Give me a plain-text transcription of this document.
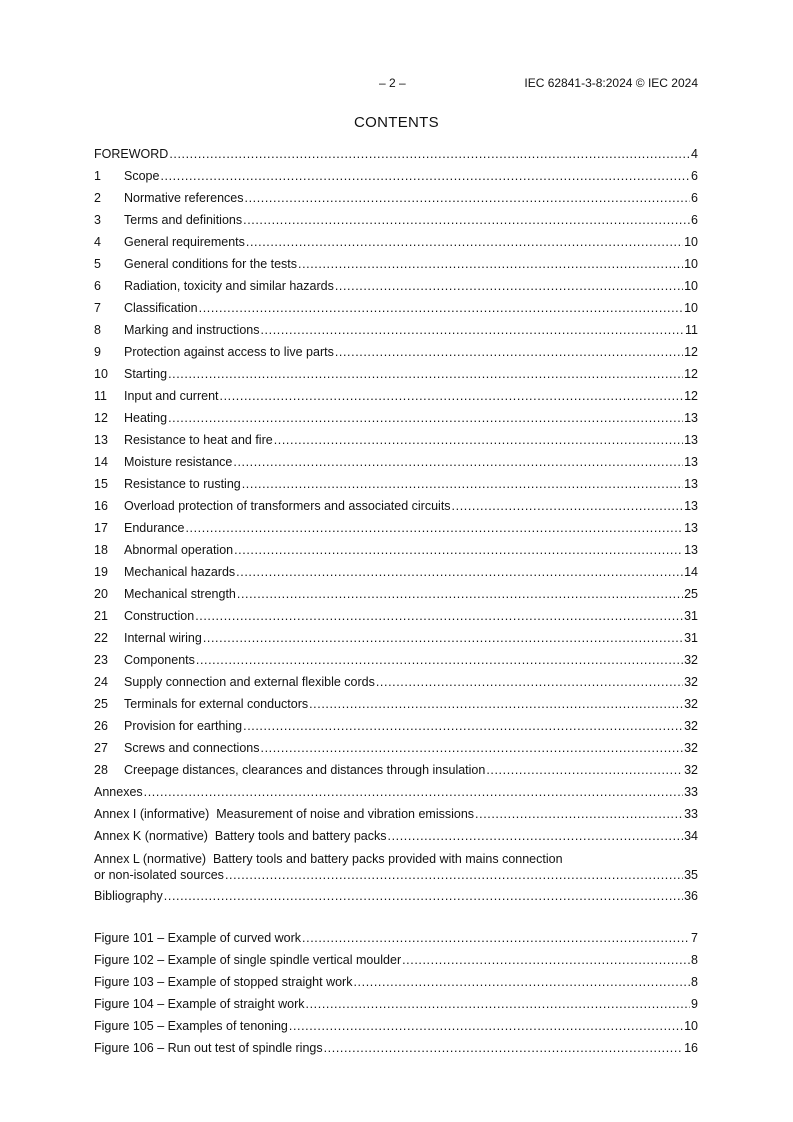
– 2 –	IEC 62841-3-8:2024 © IEC 2024
CONTENTS
FOREWORD .....	4
1	Scope .....	6
2	Normative references .....	6
3	Terms and definitions .....	6
4	General requirements .....	10
5	General conditions for the tests .....	10
6	Radiation, toxicity and similar hazards .....	10
7	Classification .....	10
8	Marking and instructions .....	11
9	Protection against access to live parts .....	12
10	Starting .....	12
11	Input and current .....	12
12	Heating .....	13
13	Resistance to heat and fire .....	13
14	Moisture resistance .....	13
15	Resistance to rusting .....	13
16	Overload protection of transformers and associated circuits .....	13
17	Endurance .....	13
18	Abnormal operation .....	13
19	Mechanical hazards .....	14
20	Mechanical strength .....	25
21	Construction .....	31
22	Internal wiring .....	31
23	Components .....	32
24	Supply connection and external flexible cords .....	32
25	Terminals for external conductors .....	32
26	Provision for earthing .....	32
27	Screws and connections .....	32
28	Creepage distances, clearances and distances through insulation .....	32
Annexes .....	33
Annex I (informative)  Measurement of noise and vibration emissions .....	33
Annex K (normative)  Battery tools and battery packs .....	34
Annex L (normative)  Battery tools and battery packs provided with mains connection
or non-isolated sources .....	35
Bibliography .....	36
Figure 101 – Example of curved work .....	7
Figure 102 – Example of single spindle vertical moulder .....	8
Figure 103 – Example of stopped straight work .....	8
Figure 104 – Example of straight work .....	9
Figure 105 – Examples of tenoning .....	10
Figure 106 – Run out test of spindle rings .....	16
